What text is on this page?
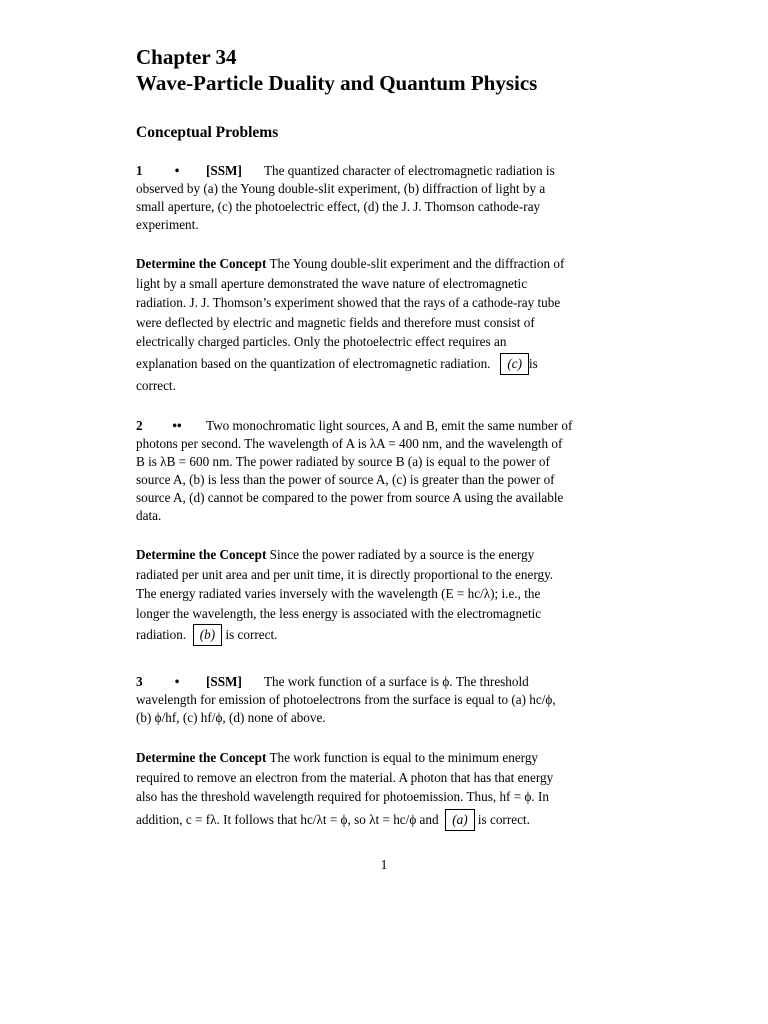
Chapter 34
Wave-Particle Duality and Quantum Physics
Conceptual Problems
1 • [SSM] The quantized character of electromagnetic radiation is
observed by (a) the Young double-slit experiment, (b) diffraction of light by a
small aperture, (c) the photoelectric effect, (d) the J. J. Thomson cathode-ray
experiment.
Determine the Concept The Young double-slit experiment and the diffraction of
light by a small aperture demonstrated the wave nature of electromagnetic
radiation. J. J. Thomson’s experiment showed that the rays of a cathode-ray tube
were deflected by electric and magnetic fields and therefore must consist of
electrically charged particles. Only the photoelectric effect requires an
explanation based on the quantization of electromagnetic radiation. (c) is
correct.
2 •• Two monochromatic light sources, A and B, emit the same number of
photons per second. The wavelength of A is λA = 400 nm, and the wavelength of
B is λB = 600 nm. The power radiated by source B (a) is equal to the power of
source A, (b) is less than the power of source A, (c) is greater than the power of
source A, (d) cannot be compared to the power from source A using the available
data.
Determine the Concept Since the power radiated by a source is the energy
radiated per unit area and per unit time, it is directly proportional to the energy.
The energy radiated varies inversely with the wavelength (E = hc/λ); i.e., the
longer the wavelength, the less energy is associated with the electromagnetic
radiation. (b) is correct.
3 • [SSM] The work function of a surface is ϕ. The threshold
wavelength for emission of photoelectrons from the surface is equal to (a) hc/ϕ,
(b) ϕ/hf, (c) hf/ϕ, (d) none of above.
Determine the Concept The work function is equal to the minimum energy
required to remove an electron from the material. A photon that has that energy
also has the threshold wavelength required for photoemission. Thus, hf = ϕ. In
addition, c = fλ. It follows that hc/λt = ϕ, so λt = hc/ϕ and (a) is correct.
1
